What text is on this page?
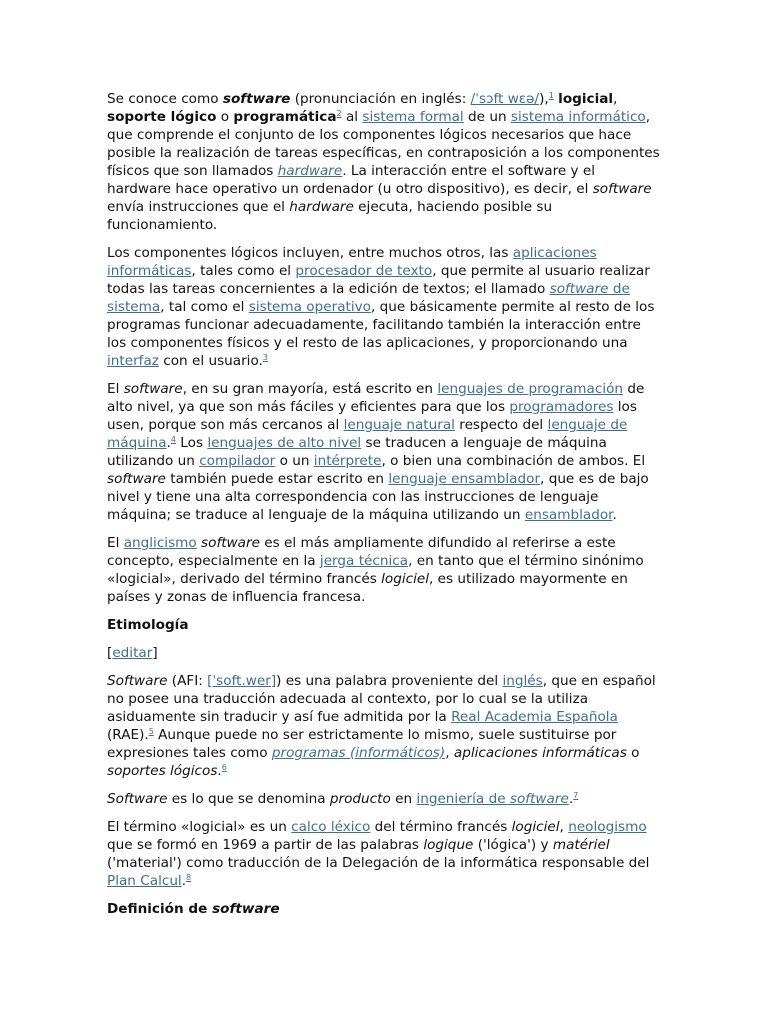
Se conoce como software (pronunciación en inglés: /ˈsɔft wɛə/),$^1$ logicial, soporte lógico o programática$^2$ al sistema formal de un sistema informático, que comprende el conjunto de los componentes lógicos necesarios que hace posible la realización de tareas específicas, en contraposición a los componentes físicos que son llamados hardware. La interacción entre el software y el hardware hace operativo un ordenador (u otro dispositivo), es decir, el software envía instrucciones que el hardware ejecuta, haciendo posible su funcionamiento.

Los componentes lógicos incluyen, entre muchos otros, las aplicaciones informáticas, tales como el procesador de texto, que permite al usuario realizar todas las tareas concernientes a la edición de textos; el llamado software de sistema, tal como el sistema operativo, que básicamente permite al resto de los programas funcionar adecuadamente, facilitando también la interacción entre los componentes físicos y el resto de las aplicaciones, y proporcionando una interfaz con el usuario.$^3$

El software, en su gran mayoría, está escrito en lenguajes de programación de alto nivel, ya que son más fáciles y eficientes para que los programadores los usen, porque son más cercanos al lenguaje natural respecto del lenguaje de máquina.$^4$ Los lenguajes de alto nivel se traducen a lenguaje de máquina utilizando un compilador o un intérprete, o bien una combinación de ambos. El software también puede estar escrito en lenguaje ensamblador, que es de bajo nivel y tiene una alta correspondencia con las instrucciones de lenguaje máquina; se traduce al lenguaje de la máquina utilizando un ensamblador.

El anglicismo software es el más ampliamente difundido al referirse a este concepto, especialmente en la jerga técnica, en tanto que el término sinónimo «logicial», derivado del término francés logiciel, es utilizado mayormente en países y zonas de influencia francesa.

Etimología

[editar]

Software (AFI: [ˈsoft.wer]) es una palabra proveniente del inglés, que en español no posee una traducción adecuada al contexto, por lo cual se la utiliza asiduamente sin traducir y así fue admitida por la Real Academia Española (RAE).$^5$ Aunque puede no ser estrictamente lo mismo, suele sustituirse por expresiones tales como programas (informáticos), aplicaciones informáticas o soportes lógicos.$^6$

Software es lo que se denomina producto en ingeniería de software.$^7$

El término «logicial» es un calco léxico del término francés logiciel, neologismo que se formó en 1969 a partir de las palabras logique ('lógica') y matériel ('material') como traducción de la Delegación de la informática responsable del Plan Calcul.$^8$

Definición de software
